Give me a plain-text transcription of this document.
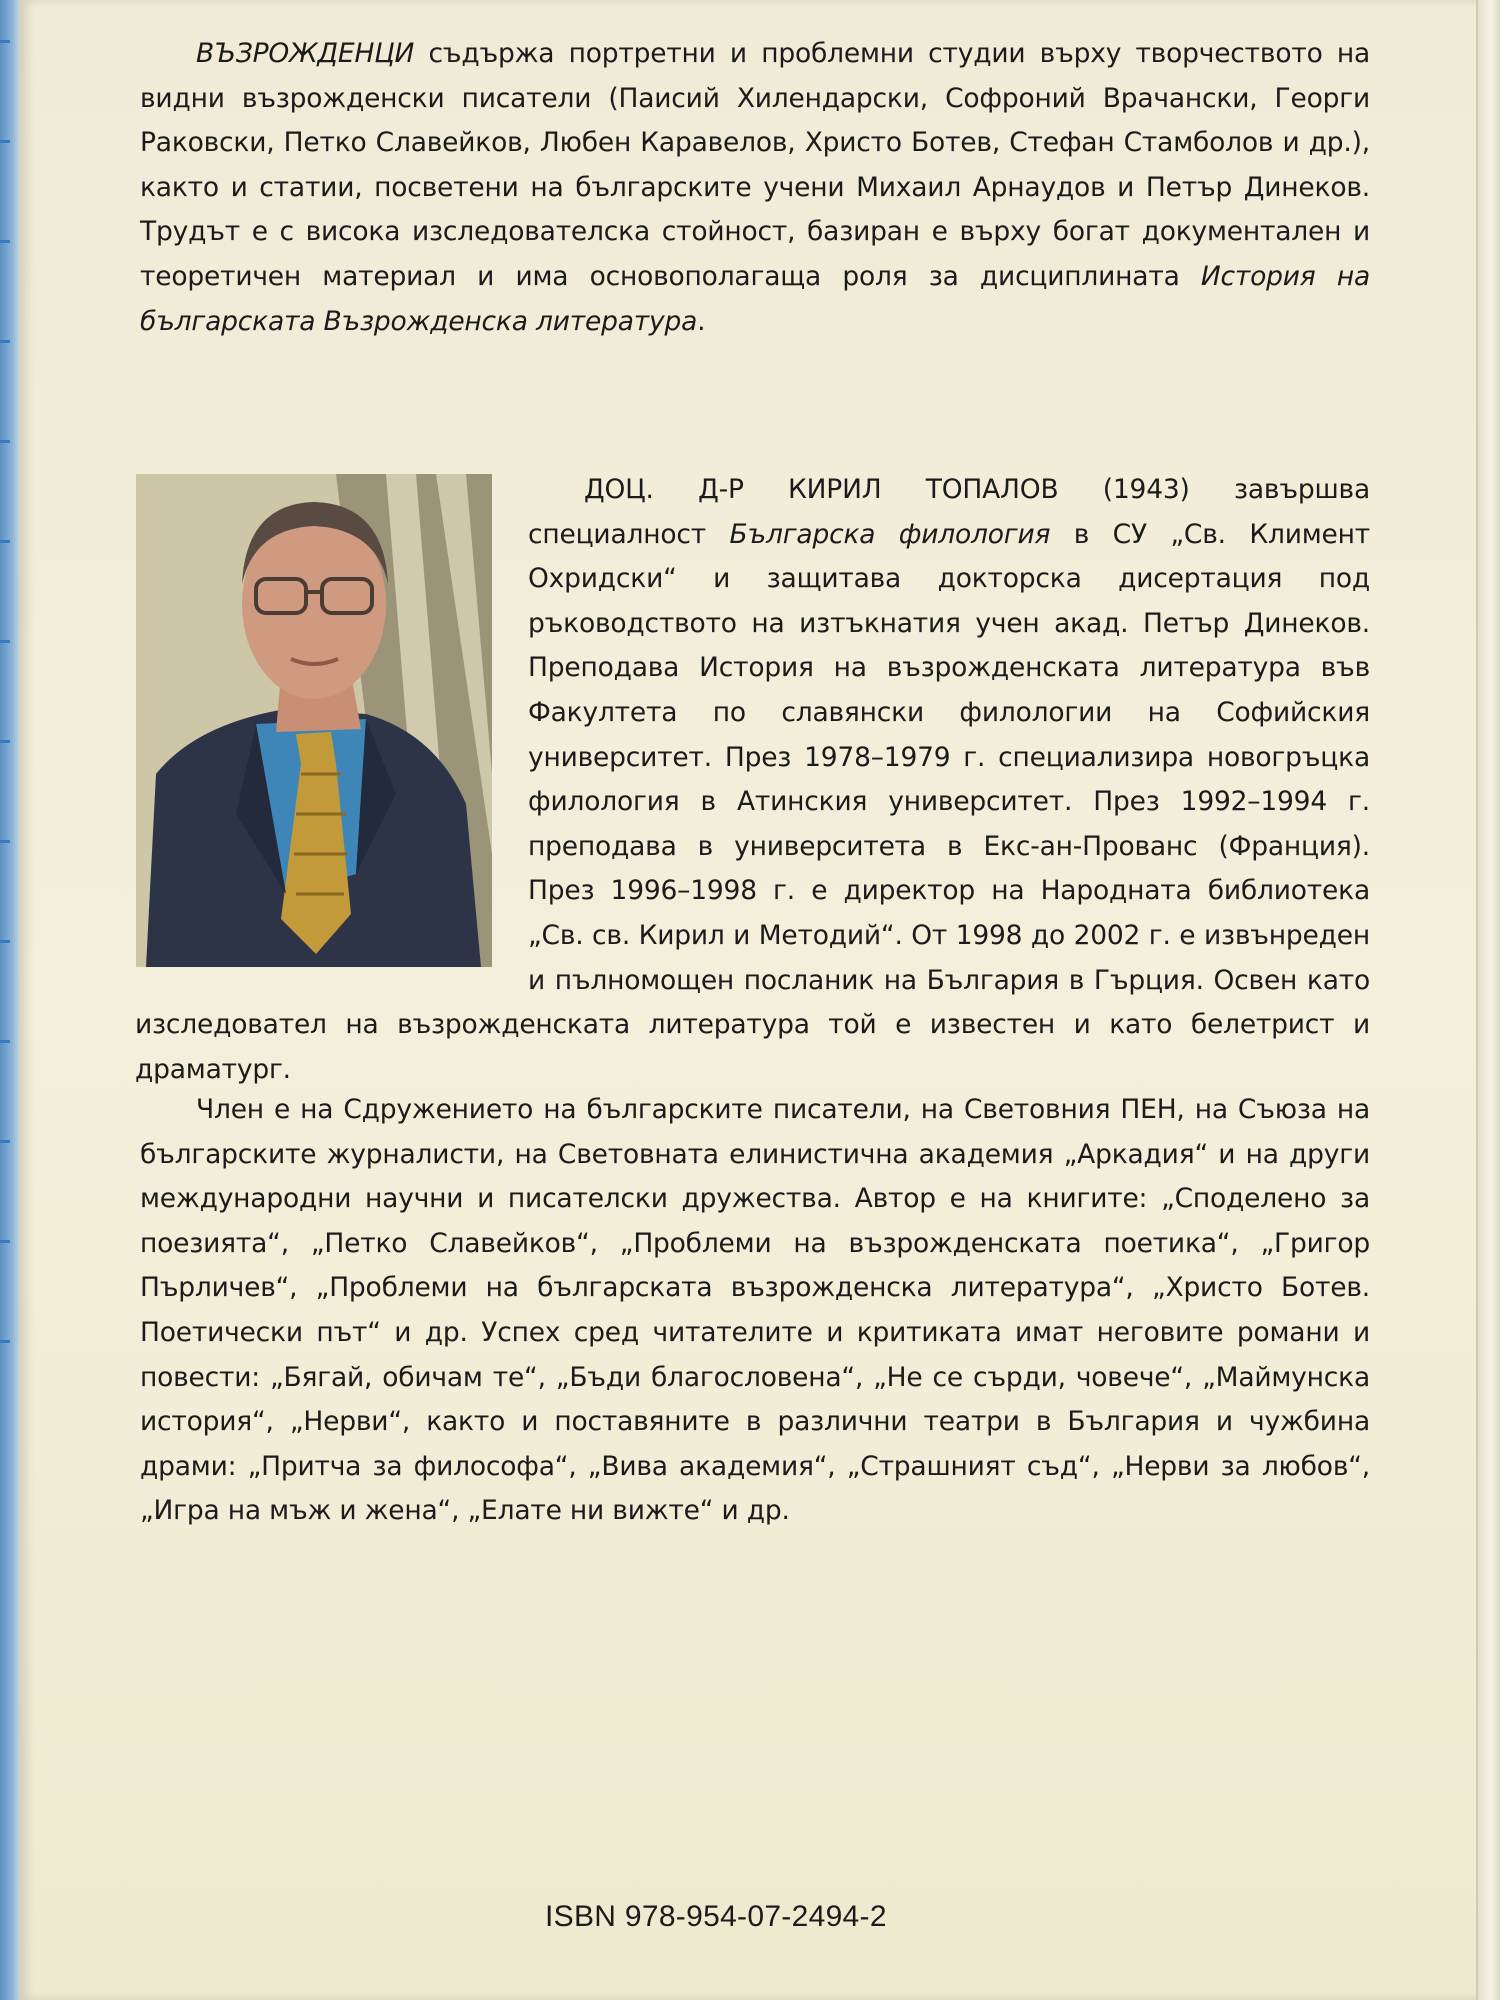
ВЪЗРОЖДЕНЦИ съдържа портретни и проблемни студии върху творчеството на видни възрожденски писатели (Паисий Хилендарски, Софроний Врачански, Георги Раковски, Петко Славейков, Любен Каравелов, Христо Ботев, Стефан Стамболов и др.), както и статии, посветени на българските учени Михаил Арнаудов и Петър Динеков. Трудът е с висока изследователска стойност, базиран е върху богат документален и теоретичен материал и има основополагаща роля за дисциплината История на българската Възрожденска литература.
ДОЦ. Д-Р КИРИЛ ТОПАЛОВ (1943) завършва специалност Българска филология в СУ „Св. Климент Охридски“ и защитава докторска дисертация под ръководството на изтъкнатия учен акад. Петър Динеков. Преподава История на възрожденската литература във Факултета по славянски филологии на Софийския университет. През 1978–1979 г. специализира новогръцка филология в Атинския университет. През 1992–1994 г. преподава в университета в Екс-ан-Прованс (Франция). През 1996–1998 г. е директор на Народната библиотека „Св. св. Кирил и Методий“. От 1998 до 2002 г. е извънреден и пълномощен посланик на България в Гърция. Освен като изследовател на възрожденската литература той е известен и като белетрист и драматург.
Член е на Сдружението на българските писатели, на Световния ПЕН, на Съюза на българските журналисти, на Световната елинистична академия „Аркадия“ и на други международни научни и писателски дружества. Автор е на книгите: „Споделено за поезията“, „Петко Славейков“, „Проблеми на възрожденската поетика“, „Григор Пърличев“, „Проблеми на българската възрожденска литература“, „Христо Ботев. Поетически път“ и др. Успех сред читателите и критиката имат неговите романи и повести: „Бягай, обичам те“, „Бъди благословена“, „Не се сърди, човече“, „Маймунска история“, „Нерви“, както и поставяните в различни театри в България и чужбина драми: „Притча за философа“, „Вива академия“, „Страшният съд“, „Нерви за любов“, „Игра на мъж и жена“, „Елате ни вижте“ и др.
ISBN 978-954-07-2494-2
